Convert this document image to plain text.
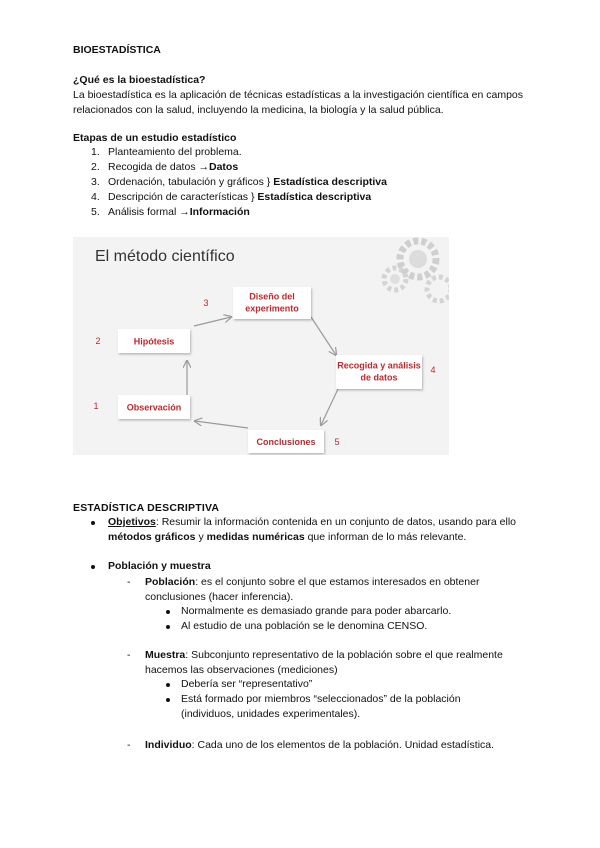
BIOESTADÍSTICA
¿Qué es la bioestadística?
La bioestadística es la aplicación de técnicas estadísticas a la investigación científica en campos relacionados con la salud, incluyendo la medicina, la biología y la salud pública.
Etapas de un estudio estadístico
1. Planteamiento del problema.
2. Recogida de datos →Datos
3. Ordenación, tabulación y gráficos } Estadística descriptiva
4. Descripción de características } Estadística descriptiva
5. Análisis formal →Información
El método científico
Observación
1
Hipótesis
2
Diseño del
experimento
3
Recogida y análisis
de datos
4
Conclusiones 5
ESTADÍSTICA DESCRIPTIVA
Objetivos: Resumir la información contenida en un conjunto de datos, usando para ello métodos gráficos y medidas numéricas que informan de lo más relevante.
Población y muestra
- Población: es el conjunto sobre el que estamos interesados en obtener conclusiones (hacer inferencia).
Normalmente es demasiado grande para poder abarcarlo.
Al estudio de una población se le denomina CENSO.
- Muestra: Subconjunto representativo de la población sobre el que realmente hacemos las observaciones (mediciones)
Debería ser “representativo”
Está formado por miembros “seleccionados” de la población (individuos, unidades experimentales).
- Individuo: Cada uno de los elementos de la población. Unidad estadística.
